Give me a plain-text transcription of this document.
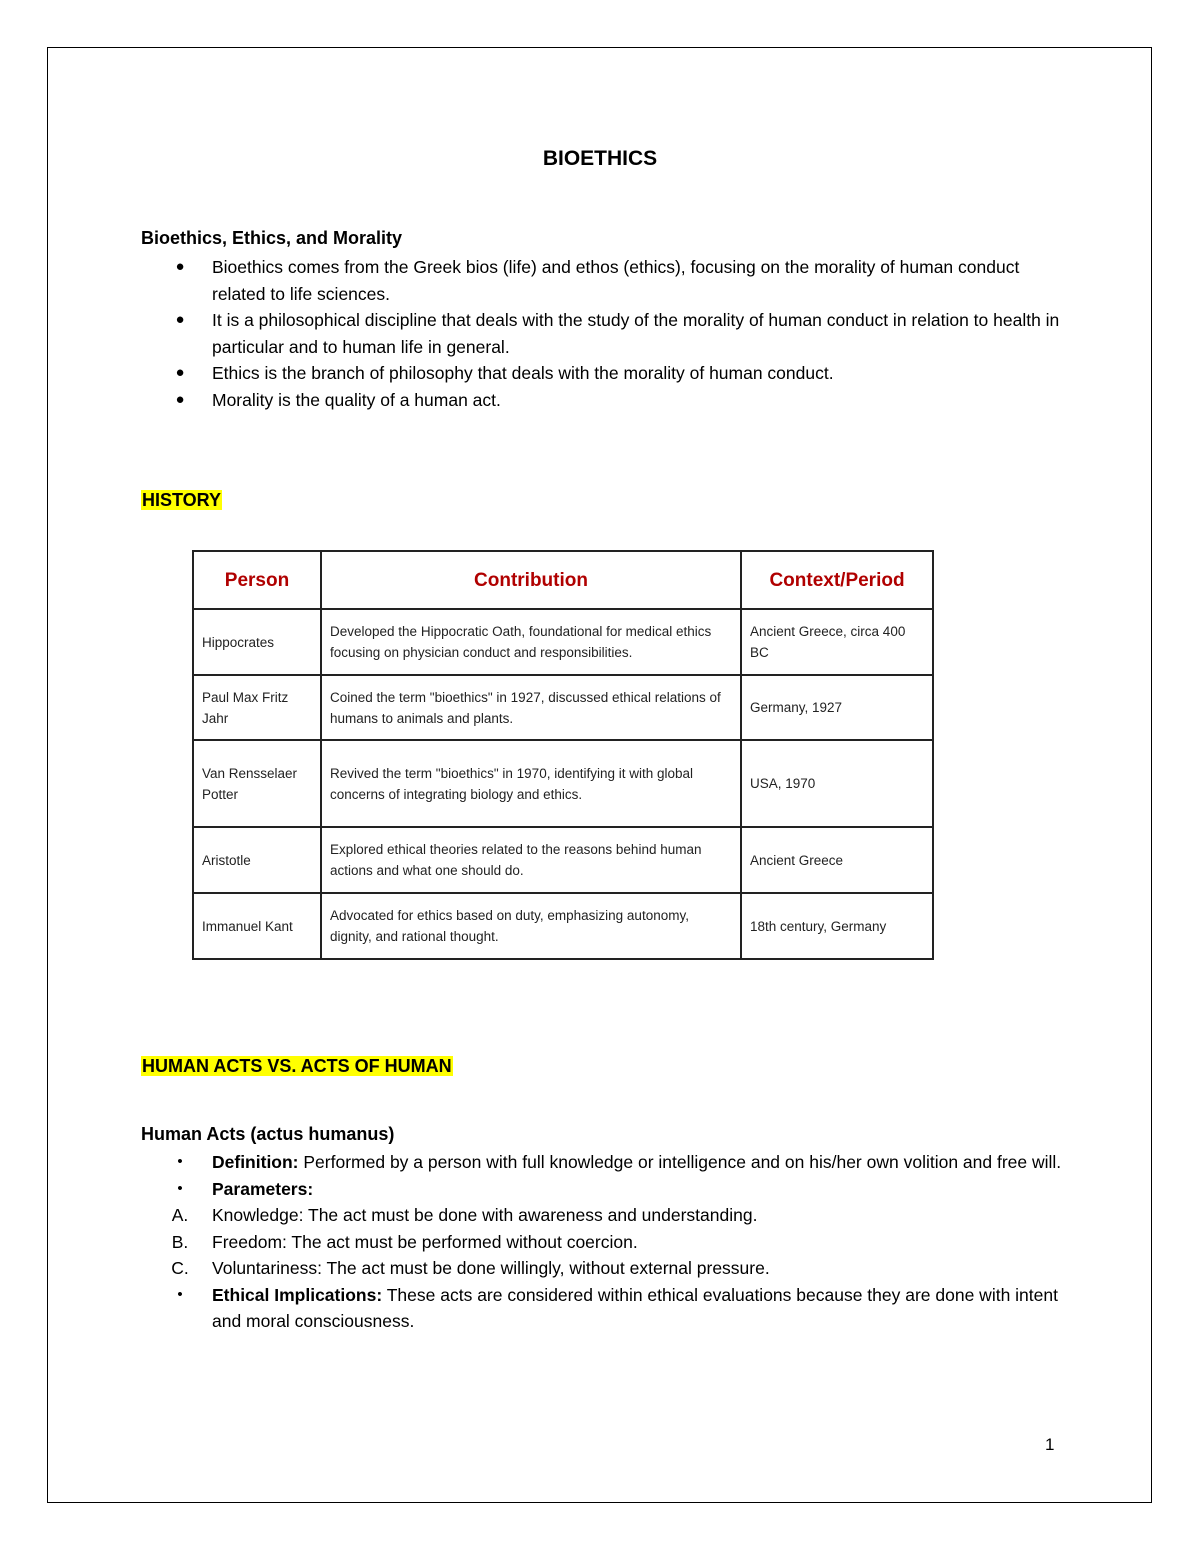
BIOETHICS
Bioethics, Ethics, and Morality
●	Bioethics comes from the Greek bios (life) and ethos (ethics), focusing on the morality of human conduct related to life sciences.
●	It is a philosophical discipline that deals with the study of the morality of human conduct in relation to health in particular and to human life in general.
●	Ethics is the branch of philosophy that deals with the morality of human conduct.
●	Morality is the quality of a human act.
HISTORY
Person	Contribution	Context/Period
Hippocrates	Developed the Hippocratic Oath, foundational for medical ethics focusing on physician conduct and responsibilities.	Ancient Greece, circa 400 BC
Paul Max Fritz Jahr	Coined the term "bioethics" in 1927, discussed ethical relations of humans to animals and plants.	Germany, 1927
Van Rensselaer Potter	Revived the term "bioethics" in 1970, identifying it with global concerns of integrating biology and ethics.	USA, 1970
Aristotle	Explored ethical theories related to the reasons behind human actions and what one should do.	Ancient Greece
Immanuel Kant	Advocated for ethics based on duty, emphasizing autonomy, dignity, and rational thought.	18th century, Germany
HUMAN ACTS VS. ACTS OF HUMAN
Human Acts (actus humanus)
•	Definition: Performed by a person with full knowledge or intelligence and on his/her own volition and free will.
•	Parameters:
A. Knowledge: The act must be done with awareness and understanding.
B. Freedom: The act must be performed without coercion.
C. Voluntariness: The act must be done willingly, without external pressure.
•	Ethical Implications: These acts are considered within ethical evaluations because they are done with intent and moral consciousness.
1
